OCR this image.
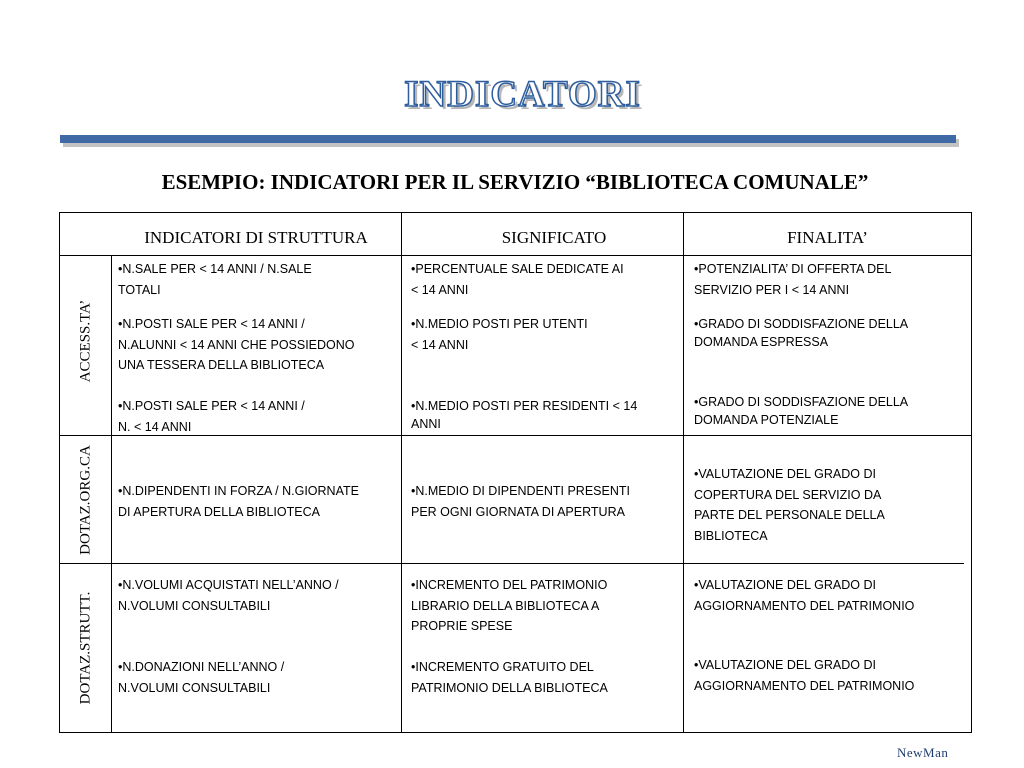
INDICATORI
ESEMPIO: INDICATORI PER IL SERVIZIO “BIBLIOTECA COMUNALE”
INDICATORI DI STRUTTURA	SIGNIFICATO	FINALITA’
ACCESS.TA’
DOTAZ.ORG.CA
DOTAZ.STRUTT.
•N.SALE PER < 14 ANNI / N.SALE
TOTALI
•PERCENTUALE SALE DEDICATE AI
< 14 ANNI
•POTENZIALITA’ DI OFFERTA DEL
SERVIZIO PER I < 14 ANNI
•N.POSTI SALE PER < 14 ANNI /
N.ALUNNI < 14 ANNI CHE POSSIEDONO
UNA TESSERA DELLA BIBLIOTECA
•N.MEDIO POSTI PER UTENTI
< 14 ANNI
•GRADO DI SODDISFAZIONE DELLA
DOMANDA ESPRESSA
•N.POSTI SALE PER < 14 ANNI /
N. < 14 ANNI
•N.MEDIO POSTI PER RESIDENTI < 14
ANNI
•GRADO DI SODDISFAZIONE DELLA
DOMANDA POTENZIALE
•N.DIPENDENTI IN FORZA / N.GIORNATE
DI APERTURA DELLA BIBLIOTECA
•N.MEDIO DI DIPENDENTI PRESENTI
PER OGNI GIORNATA DI APERTURA
•VALUTAZIONE DEL GRADO DI
COPERTURA DEL SERVIZIO DA
PARTE DEL PERSONALE DELLA
BIBLIOTECA
•N.VOLUMI ACQUISTATI NELL’ANNO /
N.VOLUMI CONSULTABILI
•INCREMENTO DEL PATRIMONIO
LIBRARIO DELLA BIBLIOTECA A
PROPRIE SPESE
•VALUTAZIONE DEL GRADO DI
AGGIORNAMENTO DEL PATRIMONIO
•N.DONAZIONI NELL’ANNO /
N.VOLUMI CONSULTABILI
•INCREMENTO GRATUITO DEL
PATRIMONIO DELLA BIBLIOTECA
•VALUTAZIONE DEL GRADO DI
AGGIORNAMENTO DEL PATRIMONIO
NewMan
